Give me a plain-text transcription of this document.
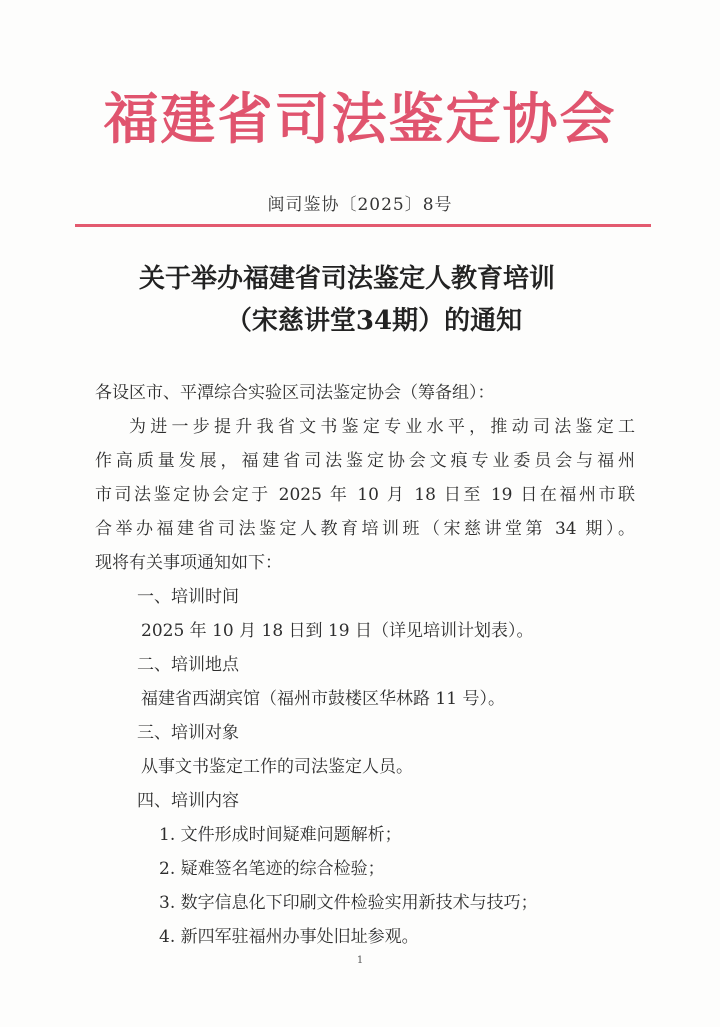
福建省司法鉴定协会
闽司鉴协〔2025〕8号
关于举办福建省司法鉴定人教育培训
（宋慈讲堂34期）的通知

各设区市、平潭综合实验区司法鉴定协会（筹备组）：

为进一步提升我省文书鉴定专业水平，推动司法鉴定工

作高质量发展，福建省司法鉴定协会文痕专业委员会与福州

市司法鉴定协会定于 2025 年 10 月 18 日至 19 日在福州市联

合举办福建省司法鉴定人教育培训班（宋慈讲堂第 34 期）。

现将有关事项通知如下：

一、培训时间

2025 年 10 月 18 日到 19 日（详见培训计划表）。

二、培训地点

福建省西湖宾馆（福州市鼓楼区华林路 11 号）。

三、培训对象

从事文书鉴定工作的司法鉴定人员。

四、培训内容

1. 文件形成时间疑难问题解析；

2. 疑难签名笔迹的综合检验；

3. 数字信息化下印刷文件检验实用新技术与技巧；

4. 新四军驻福州办事处旧址参观。

1
